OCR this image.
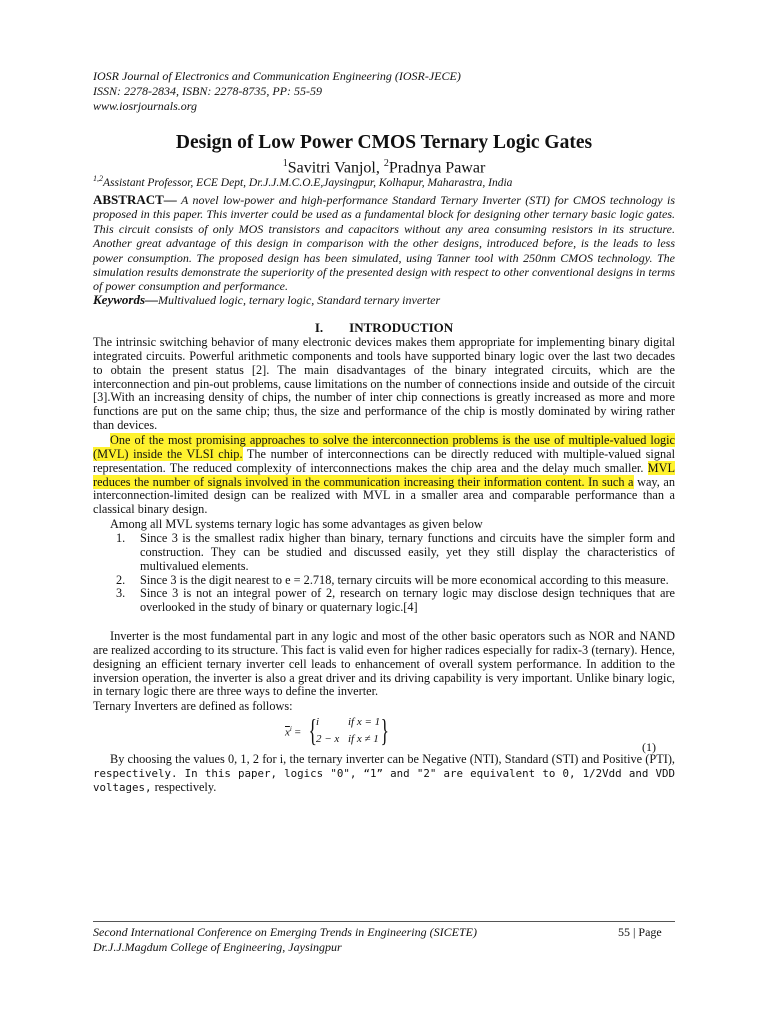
IOSR Journal of Electronics and Communication Engineering (IOSR-JECE)
ISSN: 2278-2834, ISBN: 2278-8735, PP: 55-59
www.iosrjournals.org
Design of Low Power CMOS Ternary Logic Gates
$^1$Savitri Vanjol, $^2$Pradnya Pawar
$^{1,2}$Assistant Professor, ECE Dept, Dr.J.J.M.C.O.E,Jaysingpur, Kolhapur, Maharastra, India

ABSTRACT— A novel low-power and high-performance Standard Ternary Inverter (STI) for CMOS technology is proposed in this paper. This inverter could be used as a fundamental block for designing other ternary basic logic gates. This circuit consists of only MOS transistors and capacitors without any area consuming resistors in its structure. Another great advantage of this design in comparison with the other designs, introduced before, is the leads to less power consumption. The proposed design has been simulated, using Tanner tool with 250nm CMOS technology. The simulation results demonstrate the superiority of the presented design with respect to other conventional designs in terms of power consumption and performance.

Keywords—Multivalued logic, ternary logic, Standard ternary inverter
I. INTRODUCTION

The intrinsic switching behavior of many electronic devices makes them appropriate for implementing binary digital integrated circuits. Powerful arithmetic components and tools have supported binary logic over the last two decades to obtain the present status [2]. The main disadvantages of the binary integrated circuits, which are the interconnection and pin-out problems, cause limitations on the number of connections inside and outside of the circuit [3].With an increasing density of chips, the number of inter chip connections is greatly increased as more and more functions are put on the same chip; thus, the size and performance of the chip is mostly dominated by wiring rather than devices.

One of the most promising approaches to solve the interconnection problems is the use of multiple-valued logic (MVL) inside the VLSI chip. The number of interconnections can be directly reduced with multiple-valued signal representation. The reduced complexity of interconnections makes the chip area and the delay much smaller. MVL reduces the number of signals involved in the communication increasing their information content. In such a way, an interconnection-limited design can be realized with MVL in a smaller area and comparable performance than a classical binary design.

Among all MVL systems ternary logic has some advantages as given below

1. Since 3 is the smallest radix higher than binary, ternary functions and circuits have the simpler form and construction. They can be studied and discussed easily, yet they still display the characteristics of multivalued elements.
2. Since 3 is the digit nearest to e = 2.718, ternary circuits will be more economical according to this measure.
3. Since 3 is not an integral power of 2, research on ternary logic may disclose design techniques that are overlooked in the study of binary or quaternary logic.[4]

Inverter is the most fundamental part in any logic and most of the other basic operators such as NOR and NAND are realized according to its structure. This fact is valid even for higher radices especially for radix-3 (ternary). Hence, designing an efficient ternary inverter cell leads to enhancement of overall system performance. In addition to the inversion operation, the inverter is also a great driver and its driving capability is very important. Unlike binary logic, in ternary logic there are three ways to define the inverter.

Ternary Inverters are defined as follows:

$\overline{x}^i$ = { i	if x = 1
2 − x if x ≠ 1 }	(1)

By choosing the values 0, 1, 2 for i, the ternary inverter can be Negative (NTI), Standard (STI) and Positive (PTI), respectively. In this paper, logics "0", “1” and "2" are equivalent to 0, 1/2Vdd and VDD voltages, respectively.

Second International Conference on Emerging Trends in Engineering (SICETE)
Dr.J.J.Magdum College of Engineering, Jaysingpur
55 | Page
